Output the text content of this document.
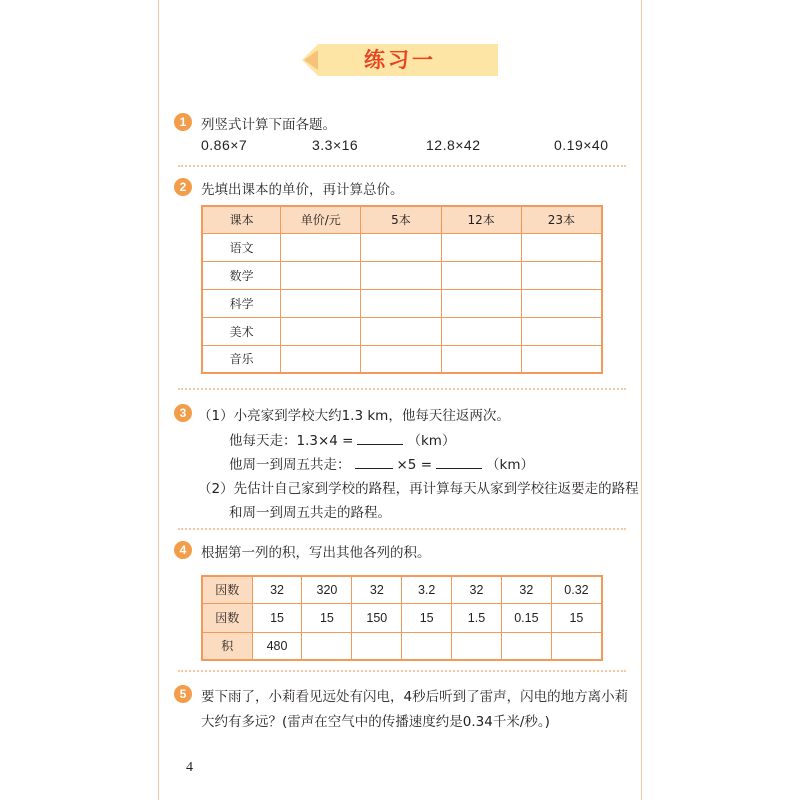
练习一
1	列竖式计算下面各题。
0.86×7	3.3×16	12.8×42	0.19×40
2	先填出课本的单价，再计算总价。
课本	单价/元	5本	12本	23本
语文				
数学				
科学				
美术				
音乐				
3 （1）小亮家到学校大约1.3 km，他每天往返两次。
他每天走：1.3×4 =	（km）
他周一到周五共走：	×5 =	（km）
（2）先估计自己家到学校的路程，再计算每天从家到学校往返要走的路程
和周一到周五共走的路程。
4	根据第一列的积，写出其他各列的积。
因数	32	320	32	3.2	32	32	0.32
因数	15	15	150	15	1.5	0.15	15
积	480						
5	要下雨了，小莉看见远处有闪电，4秒后听到了雷声，闪电的地方离小莉
大约有多远？(雷声在空气中的传播速度约是0.34千米/秒。)
4
